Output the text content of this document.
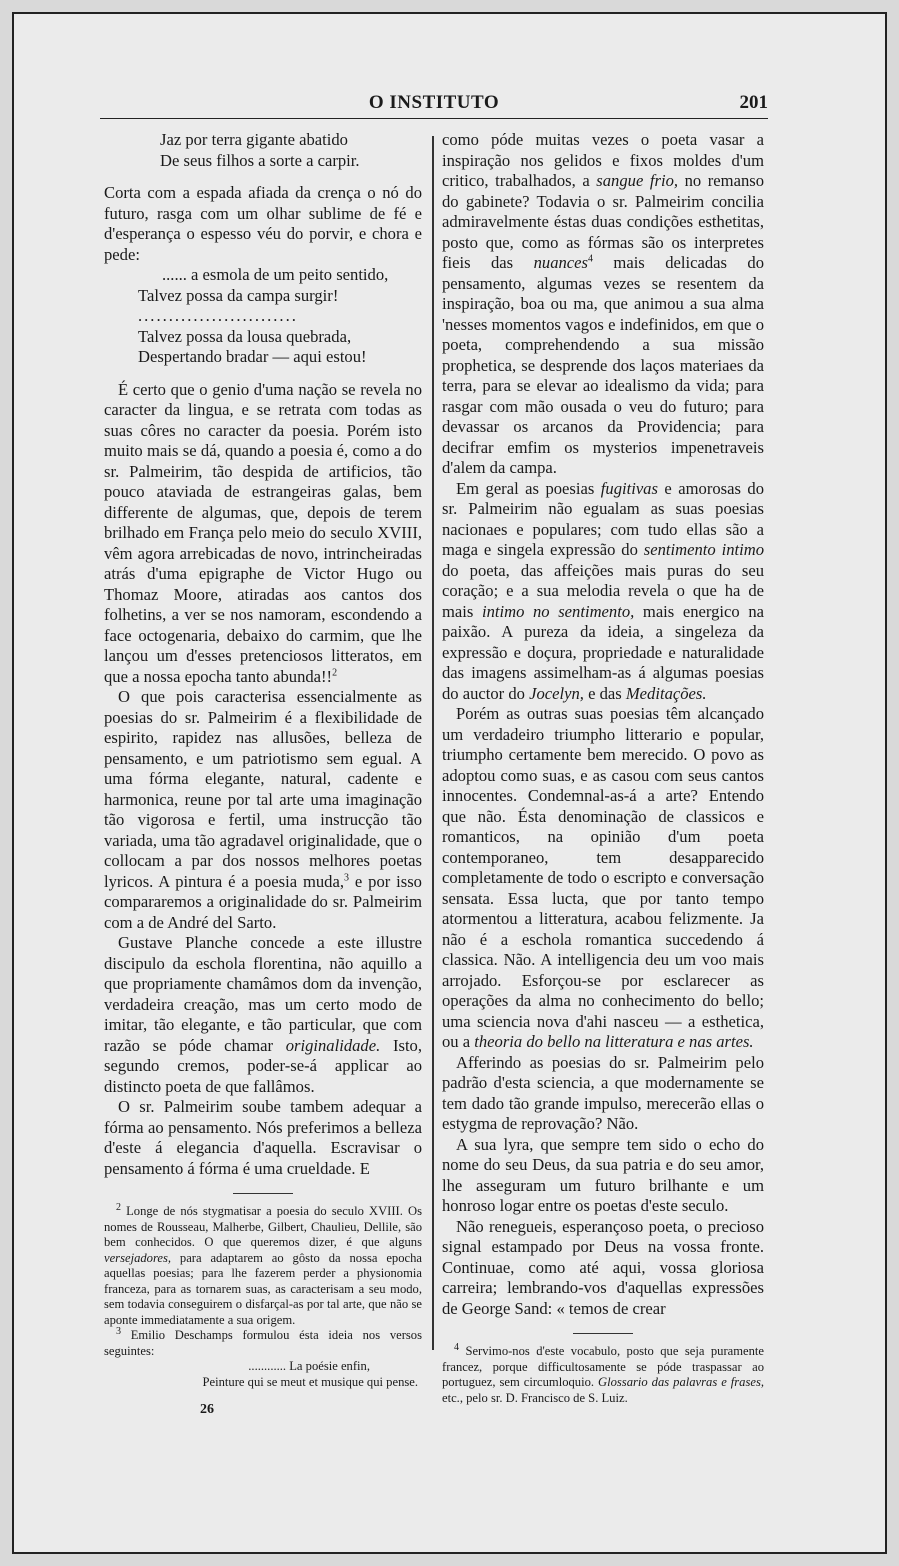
O INSTITUTO	201
Jaz por terra gigante abatido
De seus filhos a sorte a carpir.

Corta com a espada afiada da crença o nó do futuro, rasga com um olhar sublime de fé e d'esperança o espesso véu do porvir, e chora e pede:

...... a esmola de um peito sentido,
Talvez possa da campa surgir!
..........................
Talvez possa da lousa quebrada,
Despertando bradar — aqui estou!

É certo que o genio d'uma nação se revela no caracter da lingua, e se retrata com todas as suas côres no caracter da poesia. Porém isto muito mais se dá, quando a poesia é, como a do sr. Palmeirim, tão despida de artificios, tão pouco ataviada de estrangeiras galas, bem differente de algumas, que, depois de terem brilhado em França pelo meio do seculo XVIII, vêm agora arrebicadas de novo, intrincheiradas atrás d'uma epigraphe de Victor Hugo ou Thomaz Moore, atiradas aos cantos dos folhetins, a ver se nos namoram, escondendo a face octogenaria, debaixo do carmim, que lhe lançou um d'esses pretenciosos litteratos, em que a nossa epocha tanto abunda!!$^2$

O que pois caracterisa essencialmente as poesias do sr. Palmeirim é a flexibilidade de espirito, rapidez nas allusões, belleza de pensamento, e um patriotismo sem egual. A uma fórma elegante, natural, cadente e harmonica, reune por tal arte uma imaginação tão vigorosa e fertil, uma instrucção tão variada, uma tão agradavel originalidade, que o collocam a par dos nossos melhores poetas lyricos. A pintura é a poesia muda,$^3$ e por isso compararemos a originalidade do sr. Palmeirim com a de André del Sarto.

Gustave Planche concede a este illustre discipulo da eschola florentina, não aquillo a que propriamente chamâmos dom da invenção, verdadeira creação, mas um certo modo de imitar, tão elegante, e tão particular, que com razão se póde chamar originalidade. Isto, segundo cremos, poder-se-á applicar ao distincto poeta de que fallâmos.

O sr. Palmeirim soube tambem adequar a fórma ao pensamento. Nós preferimos a belleza d'este á elegancia d'aquella. Escravisar o pensamento á fórma é uma crueldade. E

$^2$ Longe de nós stygmatisar a poesia do seculo XVIII. Os nomes de Rousseau, Malherbe, Gilbert, Chaulieu, Dellile, são bem conhecidos. O que queremos dizer, é que alguns versejadores, para adaptarem ao gôsto da nossa epocha aquellas poesias; para lhe fazerem perder a physionomia franceza, para as tornarem suas, as caracterisam a seu modo, sem todavia conseguirem o disfarçal-as por tal arte, que não se aponte immediatamente a sua origem.

$^3$ Emilio Deschamps formulou ésta ideia nos versos seguintes:

............ La poésie enfin,
Peinture qui se meut et musique qui pense.
26

como póde muitas vezes o poeta vasar a inspiração nos gelidos e fixos moldes d'um critico, trabalhados, a sangue frio, no remanso do gabinete? Todavia o sr. Palmeirim concilia admiravelmente éstas duas condições esthetitas, posto que, como as fórmas são os interpretes fieis das nuances$^4$ mais delicadas do pensamento, algumas vezes se resentem da inspiração, boa ou ma, que animou a sua alma 'nesses momentos vagos e indefinidos, em que o poeta, comprehendendo a sua missão prophetica, se desprende dos laços materiaes da terra, para se elevar ao idealismo da vida; para rasgar com mão ousada o veu do futuro; para devassar os arcanos da Providencia; para decifrar emfim os mysterios impenetraveis d'alem da campa.

Em geral as poesias fugitivas e amorosas do sr. Palmeirim não egualam as suas poesias nacionaes e populares; com tudo ellas são a maga e singela expressão do sentimento intimo do poeta, das affeições mais puras do seu coração; e a sua melodia revela o que ha de mais intimo no sentimento, mais energico na paixão. A pureza da ideia, a singeleza da expressão e doçura, propriedade e naturalidade das imagens assimelham-as á algumas poesias do auctor do Jocelyn, e das Meditações.

Porém as outras suas poesias têm alcançado um verdadeiro triumpho litterario e popular, triumpho certamente bem merecido. O povo as adoptou como suas, e as casou com seus cantos innocentes. Condemnal-as-á a arte? Entendo que não. Ésta denominação de classicos e romanticos, na opinião d'um poeta contemporaneo, tem desapparecido completamente de todo o escripto e conversação sensata. Essa lucta, que por tanto tempo atormentou a litteratura, acabou felizmente. Ja não é a eschola romantica succedendo á classica. Não. A intelligencia deu um voo mais arrojado. Esforçou-se por esclarecer as operações da alma no conhecimento do bello; uma sciencia nova d'ahi nasceu — a esthetica, ou a theoria do bello na litteratura e nas artes.

Afferindo as poesias do sr. Palmeirim pelo padrão d'esta sciencia, a que modernamente se tem dado tão grande impulso, merecerão ellas o estygma de reprovação? Não.

A sua lyra, que sempre tem sido o echo do nome do seu Deus, da sua patria e do seu amor, lhe asseguram um futuro brilhante e um honroso logar entre os poetas d'este seculo.

Não renegueis, esperançoso poeta, o precioso signal estampado por Deus na vossa fronte. Continuae, como até aqui, vossa gloriosa carreira; lembrando-vos d'aquellas expressões de George Sand: « temos de crear

$^4$ Servimo-nos d'este vocabulo, posto que seja puramente francez, porque difficultosamente se póde traspassar ao portuguez, sem circumloquio. Glossario das palavras e frases, etc., pelo sr. D. Francisco de S. Luiz.
